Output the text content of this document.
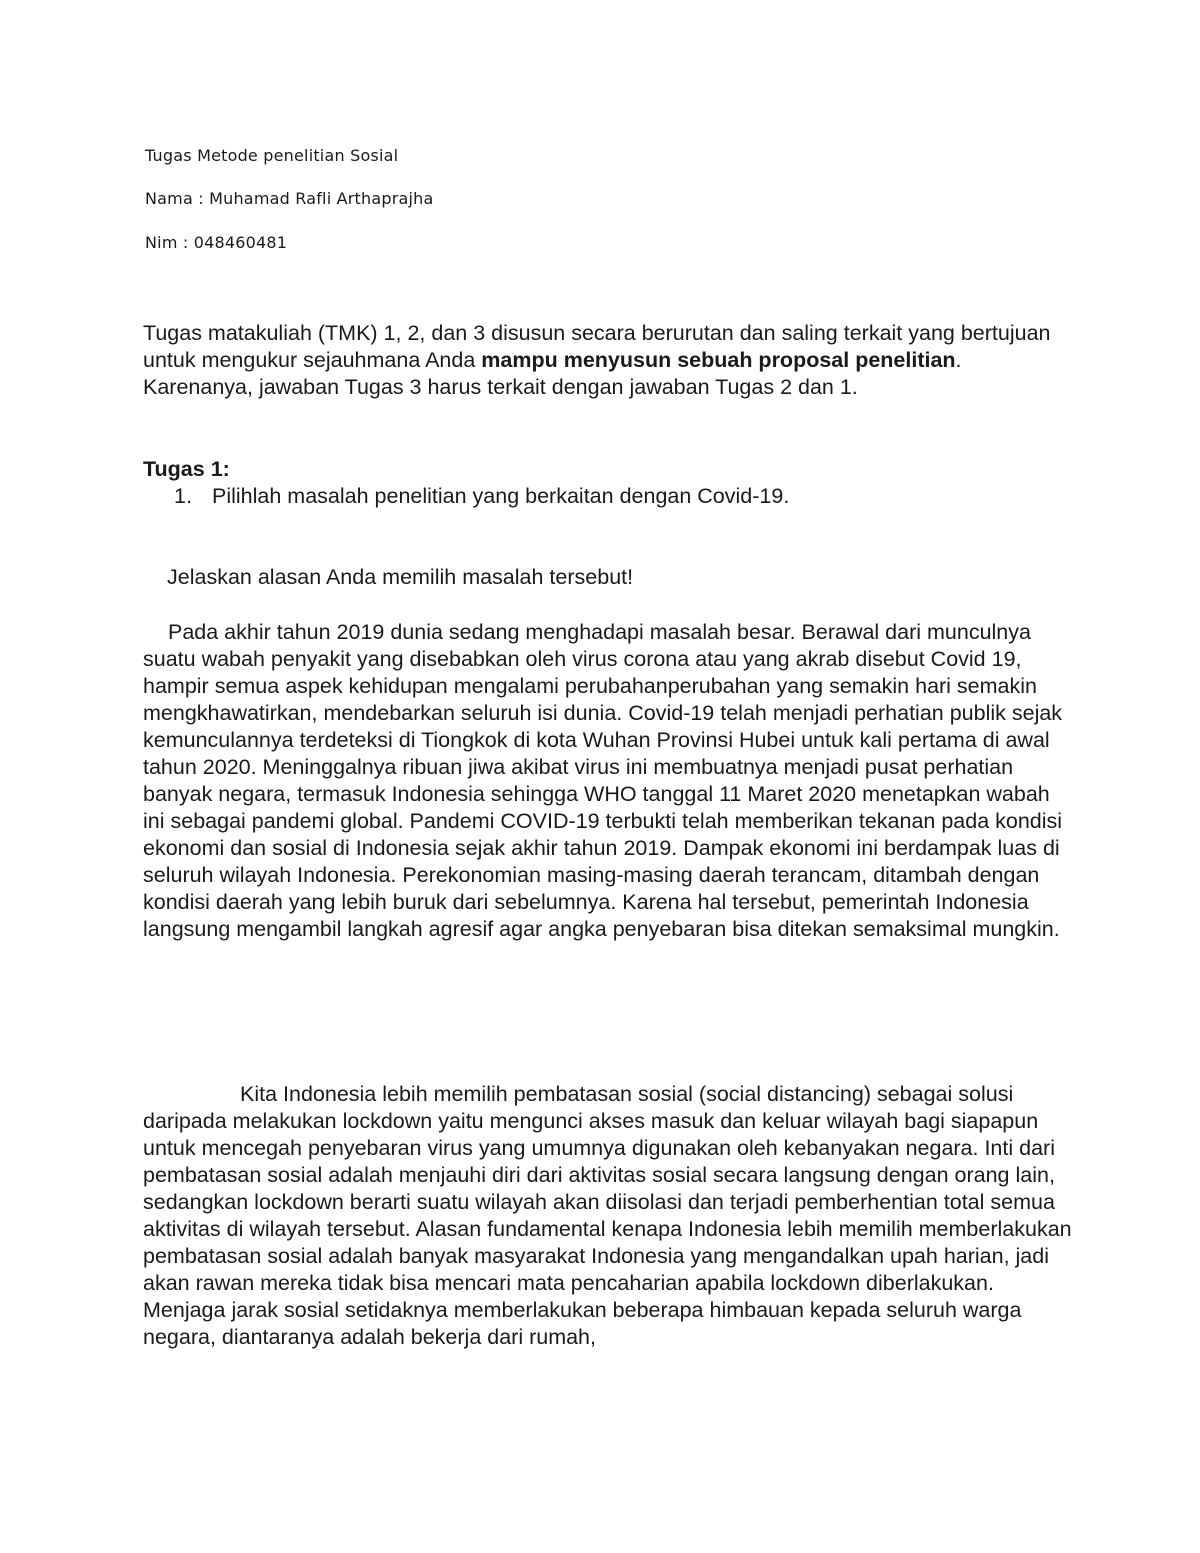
Tugas Metode penelitian Sosial
Nama : Muhamad Rafli Arthaprajha
Nim : 048460481

Tugas matakuliah (TMK) 1, 2, dan 3 disusun secara berurutan dan saling terkait yang bertujuan untuk mengukur sejauhmana Anda mampu menyusun sebuah proposal penelitian. Karenanya, jawaban Tugas 3 harus terkait dengan jawaban Tugas 2 dan 1.

Tugas 1:
1. Pilihlah masalah penelitian yang berkaitan dengan Covid-19.
Jelaskan alasan Anda memilih masalah tersebut!

Pada akhir tahun 2019 dunia sedang menghadapi masalah besar. Berawal dari munculnya suatu wabah penyakit yang disebabkan oleh virus corona atau yang akrab disebut Covid 19, hampir semua aspek kehidupan mengalami perubahanperubahan yang semakin hari semakin mengkhawatirkan, mendebarkan seluruh isi dunia. Covid-19 telah menjadi perhatian publik sejak kemunculannya terdeteksi di Tiongkok di kota Wuhan Provinsi Hubei untuk kali pertama di awal tahun 2020. Meninggalnya ribuan jiwa akibat virus ini membuatnya menjadi pusat perhatian banyak negara, termasuk Indonesia sehingga WHO tanggal 11 Maret 2020 menetapkan wabah ini sebagai pandemi global. Pandemi COVID-19 terbukti telah memberikan tekanan pada kondisi ekonomi dan sosial di Indonesia sejak akhir tahun 2019. Dampak ekonomi ini berdampak luas di seluruh wilayah Indonesia. Perekonomian masing-masing daerah terancam, ditambah dengan kondisi daerah yang lebih buruk dari sebelumnya. Karena hal tersebut, pemerintah Indonesia langsung mengambil langkah agresif agar angka penyebaran bisa ditekan semaksimal mungkin.

Kita Indonesia lebih memilih pembatasan sosial (social distancing) sebagai solusi daripada melakukan lockdown yaitu mengunci akses masuk dan keluar wilayah bagi siapapun untuk mencegah penyebaran virus yang umumnya digunakan oleh kebanyakan negara. Inti dari pembatasan sosial adalah menjauhi diri dari aktivitas sosial secara langsung dengan orang lain, sedangkan lockdown berarti suatu wilayah akan diisolasi dan terjadi pemberhentian total semua aktivitas di wilayah tersebut. Alasan fundamental kenapa Indonesia lebih memilih memberlakukan pembatasan sosial adalah banyak masyarakat Indonesia yang mengandalkan upah harian, jadi akan rawan mereka tidak bisa mencari mata pencaharian apabila lockdown diberlakukan. Menjaga jarak sosial setidaknya memberlakukan beberapa himbauan kepada seluruh warga negara, diantaranya adalah bekerja dari rumah,
